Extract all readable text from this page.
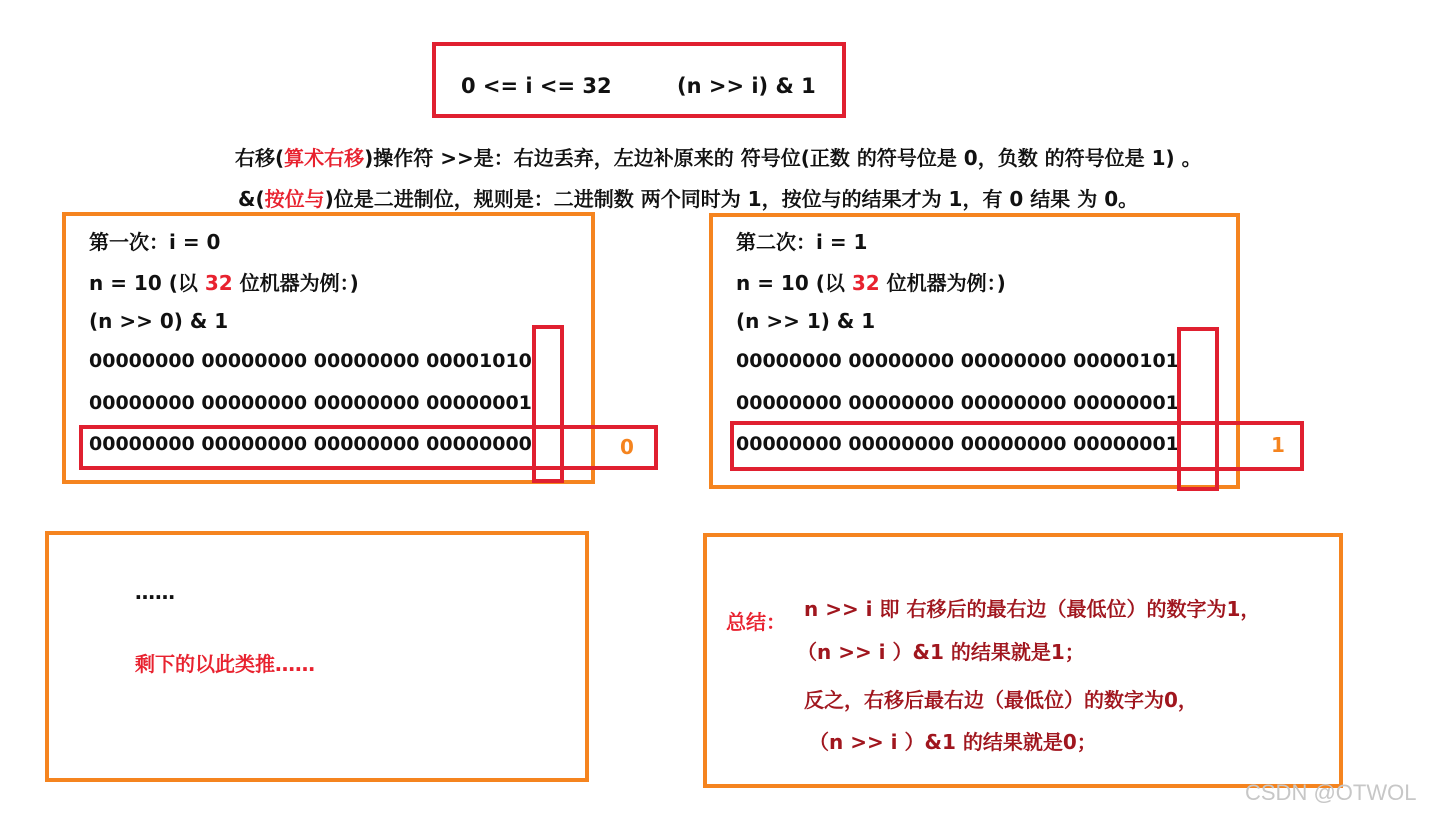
0 <= i <= 32	(n >> i) & 1
右移(算术右移)操作符 >>是：右边丢弃，左边补原来的 符号位(正数 的符号位是 0，负数 的符号位是 1) 。
&(按位与)位是二进制位，规则是：二进制数 两个同时为 1，按位与的结果才为 1，有 0 结果 为 0。
第一次：i = 0
n = 10 (以 32 位机器为例：)
(n >> 0) & 1
00000000 00000000 00000000 00001010
00000000 00000000 00000000 00000001
00000000 00000000 00000000 00000000	0
第二次：i = 1
n = 10 (以 32 位机器为例：)
(n >> 1) & 1
00000000 00000000 00000000 00000101
00000000 00000000 00000000 00000001
00000000 00000000 00000000 00000001	1
……
剩下的以此类推……
总结：
n >> i 即 右移后的最右边（最低位）的数字为1，
（n >> i ）&1 的结果就是1；
反之，右移后最右边（最低位）的数字为0，
（n >> i ）&1 的结果就是0；
CSDN @OTWOL
